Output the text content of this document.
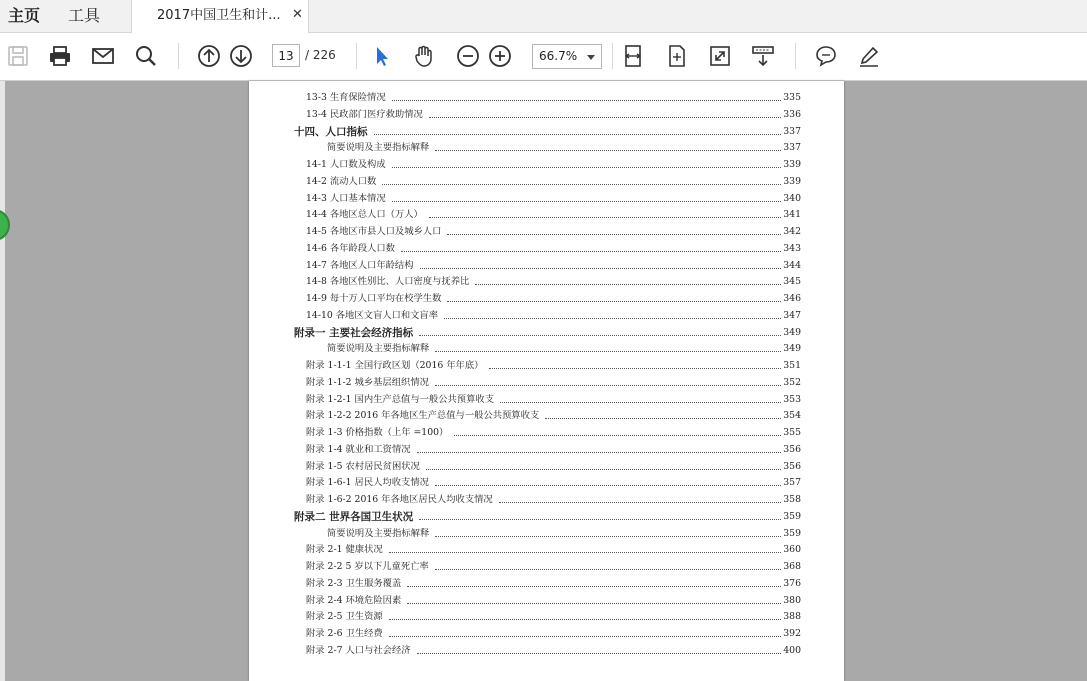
主页 工具	2017中国卫生和计... ✕
13 / 226	66.7%
13-3 生育保险情况	335
13-4 民政部门医疗救助情况	336
十四、人口指标	337
简要说明及主要指标解释	337
14-1 人口数及构成	339
14-2 流动人口数	339
14-3 人口基本情况	340
14-4 各地区总人口（万人）	341
14-5 各地区市县人口及城乡人口	342
14-6 各年龄段人口数	343
14-7 各地区人口年龄结构	344
14-8 各地区性别比、人口密度与抚养比	345
14-9 每十万人口平均在校学生数	346
14-10 各地区文盲人口和文盲率	347
附录一 主要社会经济指标	349
简要说明及主要指标解释	349
附录 1-1-1 全国行政区划（2016 年年底）	351
附录 1-1-2 城乡基层组织情况	352
附录 1-2-1 国内生产总值与一般公共预算收支	353
附录 1-2-2 2016 年各地区生产总值与一般公共预算收支	354
附录 1-3 价格指数（上年 =100）	355
附录 1-4 就业和工资情况	356
附录 1-5 农村居民贫困状况	356
附录 1-6-1 居民人均收支情况	357
附录 1-6-2 2016 年各地区居民人均收支情况	358
附录二 世界各国卫生状况	359
简要说明及主要指标解释	359
附录 2-1 健康状况	360
附录 2-2 5 岁以下儿童死亡率	368
附录 2-3 卫生服务覆盖	376
附录 2-4 环境危险因素	380
附录 2-5 卫生资源	388
附录 2-6 卫生经费	392
附录 2-7 人口与社会经济	400
